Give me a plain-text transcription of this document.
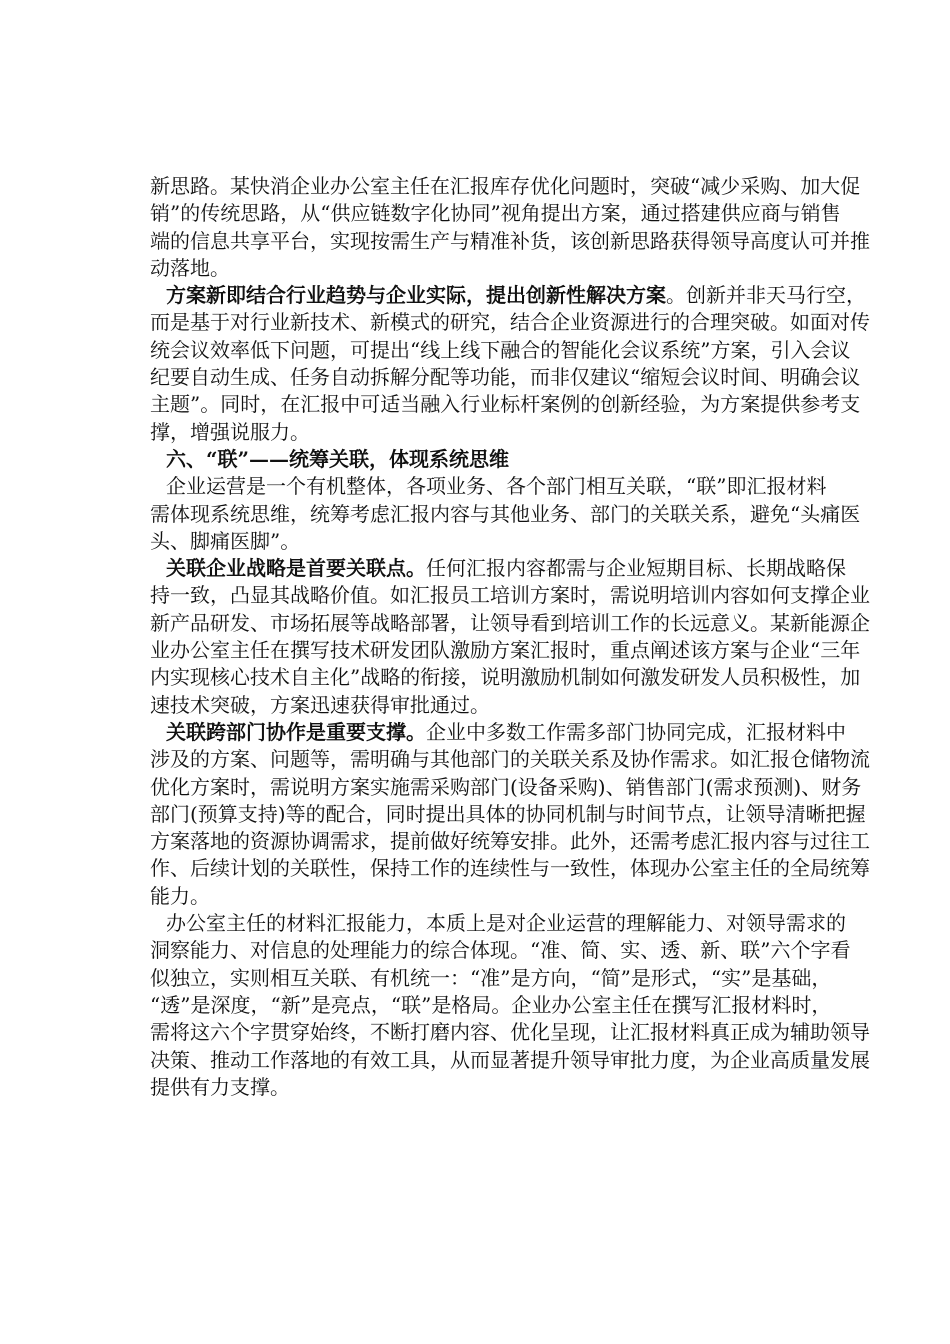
新思路。某快消企业办公室主任在汇报库存优化问题时，突破“减少采购、加大促
销”的传统思路，从“供应链数字化协同”视角提出方案，通过搭建供应商与销售
端的信息共享平台，实现按需生产与精准补货，该创新思路获得领导高度认可并推
动落地。
方案新即结合行业趋势与企业实际，提出创新性解决方案。创新并非天马行空，
而是基于对行业新技术、新模式的研究，结合企业资源进行的合理突破。如面对传
统会议效率低下问题，可提出“线上线下融合的智能化会议系统”方案，引入会议
纪要自动生成、任务自动拆解分配等功能，而非仅建议“缩短会议时间、明确会议
主题”。同时，在汇报中可适当融入行业标杆案例的创新经验，为方案提供参考支
撑，增强说服力。
六、“联”——统筹关联，体现系统思维
企业运营是一个有机整体，各项业务、各个部门相互关联，“联”即汇报材料
需体现系统思维，统筹考虑汇报内容与其他业务、部门的关联关系，避免“头痛医
头、脚痛医脚”。
关联企业战略是首要关联点。任何汇报内容都需与企业短期目标、长期战略保
持一致，凸显其战略价值。如汇报员工培训方案时，需说明培训内容如何支撑企业
新产品研发、市场拓展等战略部署，让领导看到培训工作的长远意义。某新能源企
业办公室主任在撰写技术研发团队激励方案汇报时，重点阐述该方案与企业“三年
内实现核心技术自主化”战略的衔接，说明激励机制如何激发研发人员积极性，加
速技术突破，方案迅速获得审批通过。
关联跨部门协作是重要支撑。企业中多数工作需多部门协同完成，汇报材料中
涉及的方案、问题等，需明确与其他部门的关联关系及协作需求。如汇报仓储物流
优化方案时，需说明方案实施需采购部门(设备采购)、销售部门(需求预测)、财务
部门(预算支持)等的配合，同时提出具体的协同机制与时间节点，让领导清晰把握
方案落地的资源协调需求，提前做好统筹安排。此外，还需考虑汇报内容与过往工
作、后续计划的关联性，保持工作的连续性与一致性，体现办公室主任的全局统筹
能力。
办公室主任的材料汇报能力，本质上是对企业运营的理解能力、对领导需求的
洞察能力、对信息的处理能力的综合体现。“准、简、实、透、新、联”六个字看
似独立，实则相互关联、有机统一：“准”是方向，“简”是形式，“实”是基础，
“透”是深度，“新”是亮点，“联”是格局。企业办公室主任在撰写汇报材料时，
需将这六个字贯穿始终，不断打磨内容、优化呈现，让汇报材料真正成为辅助领导
决策、推动工作落地的有效工具，从而显著提升领导审批力度，为企业高质量发展
提供有力支撑。
